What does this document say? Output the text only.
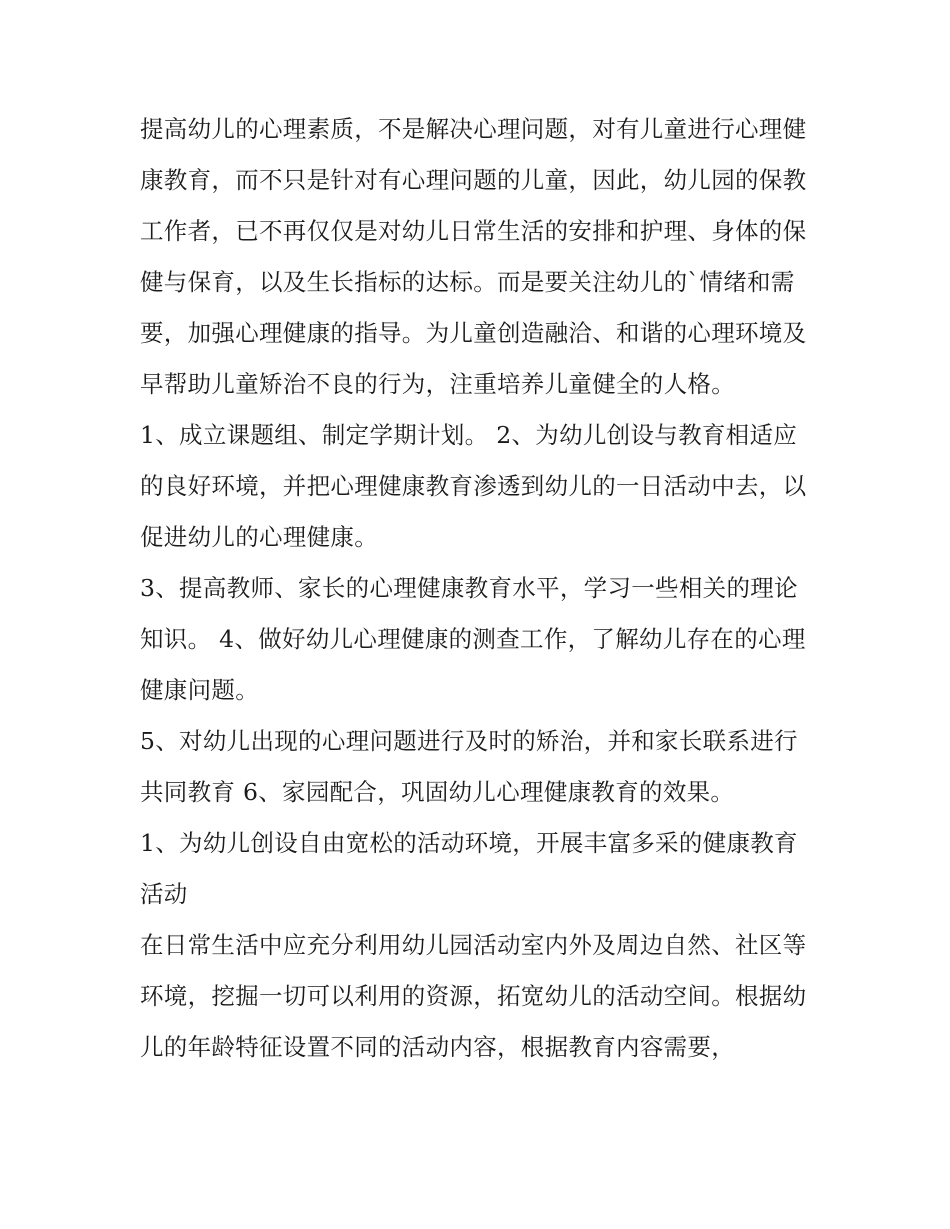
提高幼儿的心理素质，不是解决心理问题，对有儿童进行心理健康教育，而不只是针对有心理问题的儿童，因此，幼儿园的保教工作者，已不再仅仅是对幼儿日常生活的安排和护理、身体的保健与保育，以及生长指标的达标。而是要关注幼儿的`情绪和需要，加强心理健康的指导。为儿童创造融洽、和谐的心理环境及早帮助儿童矫治不良的行为，注重培养儿童健全的人格。

1、成立课题组、制定学期计划。 2、为幼儿创设与教育相适应的良好环境，并把心理健康教育渗透到幼儿的一日活动中去，以促进幼儿的心理健康。

3、提高教师、家长的心理健康教育水平，学习一些相关的理论知识。 4、做好幼儿心理健康的测查工作，了解幼儿存在的心理健康问题。

5、对幼儿出现的心理问题进行及时的矫治，并和家长联系进行共同教育 6、家园配合，巩固幼儿心理健康教育的效果。

1、为幼儿创设自由宽松的活动环境，开展丰富多采的健康教育活动

在日常生活中应充分利用幼儿园活动室内外及周边自然、社区等环境，挖掘一切可以利用的资源，拓宽幼儿的活动空间。根据幼儿的年龄特征设置不同的活动内容，根据教育内容需要，
